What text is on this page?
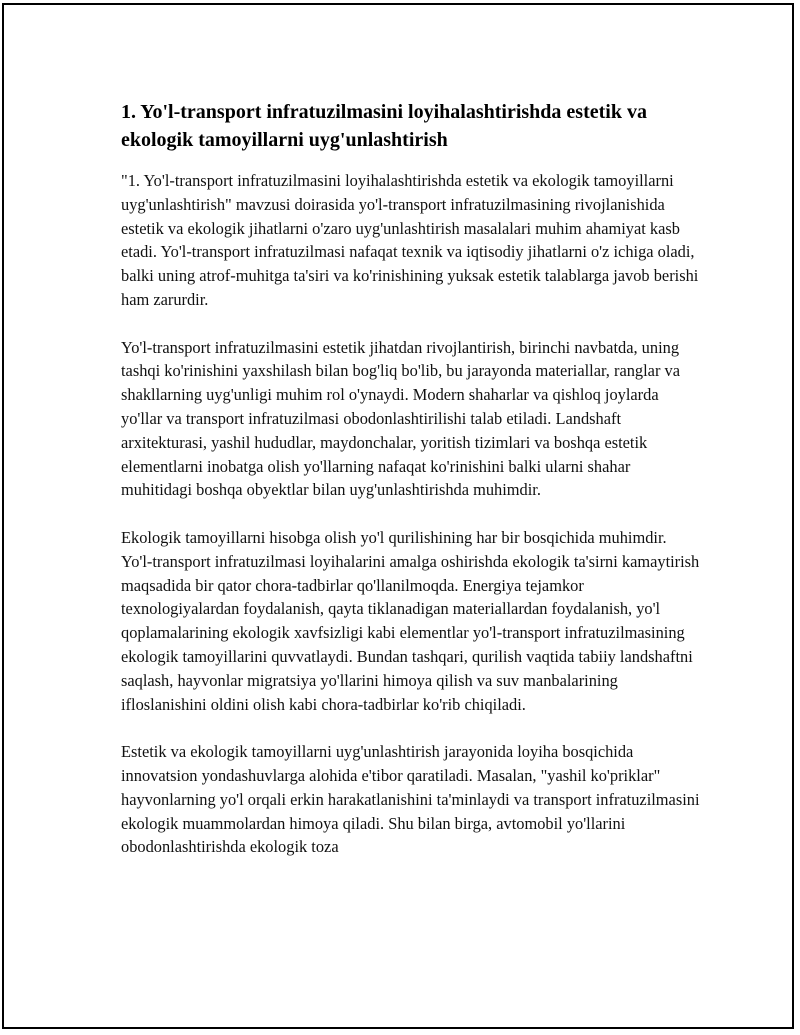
1. Yo'l-transport infratuzilmasini loyihalashtirishda estetik va ekologik tamoyillarni uyg'unlashtirish

"1. Yo'l-transport infratuzilmasini loyihalashtirishda estetik va ekologik tamoyillarni uyg'unlashtirish" mavzusi doirasida yo'l-transport infratuzilmasining rivojlanishida estetik va ekologik jihatlarni o'zaro uyg'unlashtirish masalalari muhim ahamiyat kasb etadi. Yo'l-transport infratuzilmasi nafaqat texnik va iqtisodiy jihatlarni o'z ichiga oladi, balki uning atrof-muhitga ta'siri va ko'rinishining yuksak estetik talablarga javob berishi ham zarurdir.

Yo'l-transport infratuzilmasini estetik jihatdan rivojlantirish, birinchi navbatda, uning tashqi ko'rinishini yaxshilash bilan bog'liq bo'lib, bu jarayonda materiallar, ranglar va shakllarning uyg'unligi muhim rol o'ynaydi. Modern shaharlar va qishloq joylarda yo'llar va transport infratuzilmasi obodonlashtirilishi talab etiladi. Landshaft arxitekturasi, yashil hududlar, maydonchalar, yoritish tizimlari va boshqa estetik elementlarni inobatga olish yo'llarning nafaqat ko'rinishini balki ularni shahar muhitidagi boshqa obyektlar bilan uyg'unlashtirishda muhimdir.

Ekologik tamoyillarni hisobga olish yo'l qurilishining har bir bosqichida muhimdir. Yo'l-transport infratuzilmasi loyihalarini amalga oshirishda ekologik ta'sirni kamaytirish maqsadida bir qator chora-tadbirlar qo'llanilmoqda. Energiya tejamkor texnologiyalardan foydalanish, qayta tiklanadigan materiallardan foydalanish, yo'l qoplamalarining ekologik xavfsizligi kabi elementlar yo'l-transport infratuzilmasining ekologik tamoyillarini quvvatlaydi. Bundan tashqari, qurilish vaqtida tabiiy landshaftni saqlash, hayvonlar migratsiya yo'llarini himoya qilish va suv manbalarining ifloslanishini oldini olish kabi chora-tadbirlar ko'rib chiqiladi.

Estetik va ekologik tamoyillarni uyg'unlashtirish jarayonida loyiha bosqichida innovatsion yondashuvlarga alohida e'tibor qaratiladi. Masalan, "yashil ko'priklar" hayvonlarning yo'l orqali erkin harakatlanishini ta'minlaydi va transport infratuzilmasini ekologik muammolardan himoya qiladi. Shu bilan birga, avtomobil yo'llarini obodonlashtirishda ekologik toza
